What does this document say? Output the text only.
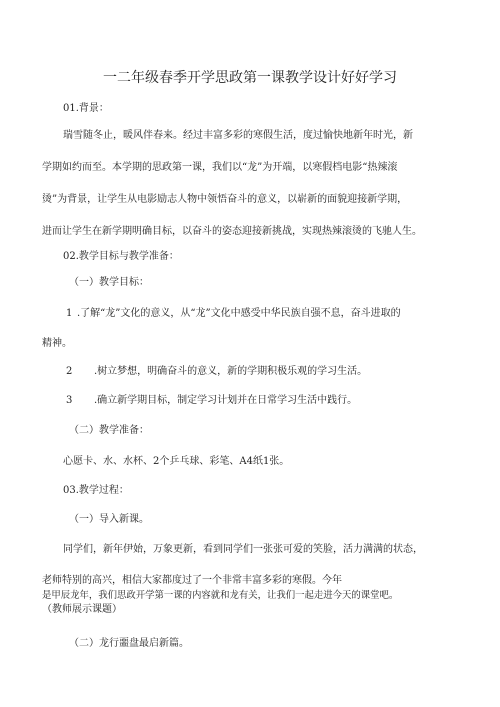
一二年级春季开学思政第一课教学设计好好学习
01.背景：
瑞雪随冬止，暖风伴春来。经过丰富多彩的寒假生活，度过愉快地新年时光，新
学期如约而至。本学期的思政第一课，我们以“龙”为开端，以寒假档电影“热辣滚
烫”为背景，让学生从电影励志人物中领悟奋斗的意义，以崭新的面貌迎接新学期，
进而让学生在新学期明确目标，以奋斗的姿态迎接新挑战，实现热辣滚烫的飞驰人生。
02.教学目标与教学准备：
（一）教学目标：
1 .了解“龙”文化的意义，从“龙”文化中感受中华民族自强不息，奋斗进取的
精神。
2 .树立梦想，明确奋斗的意义，新的学期积极乐观的学习生活。
3 .确立新学期目标，制定学习计划并在日常学习生活中践行。
（二）教学准备：
心愿卡、水、水杯、2个乒乓球、彩笔、A4纸1张。
03.教学过程：
（一）导入新课。
同学们，新年伊始，万象更新，看到同学们一张张可爱的笑脸，活力满满的状态，
老师特别的高兴，相信大家都度过了一个非常丰富多彩的寒假。今年
是甲辰龙年，我们思政开学第一课的内容就和龙有关，让我们一起走进今天的课堂吧。
（教师展示课题）
（二）龙行噩盘最启新篇。
